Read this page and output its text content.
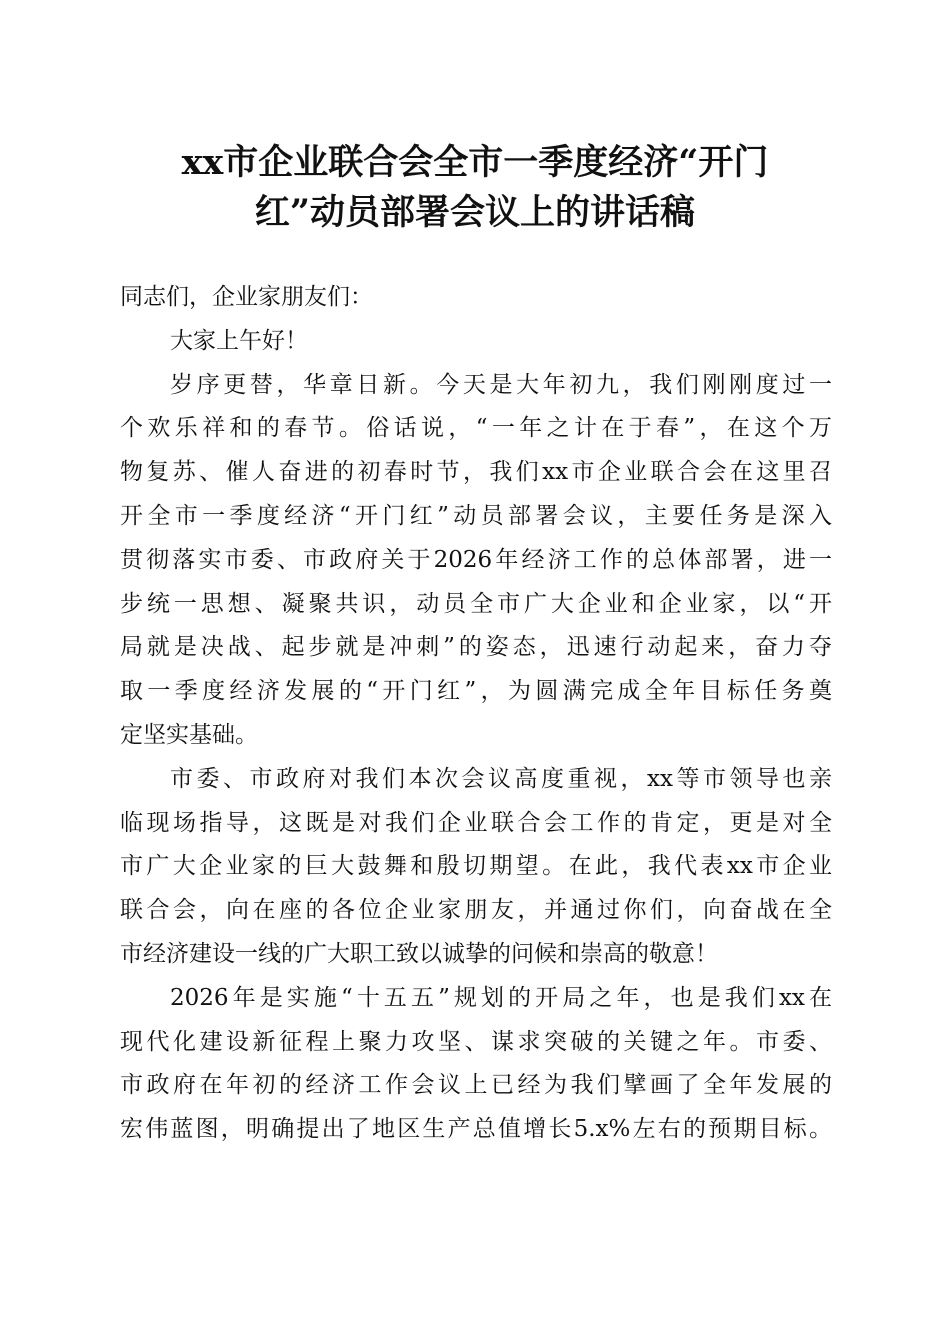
xx市企业联合会全市一季度经济“开门
红”动员部署会议上的讲话稿
同志们，企业家朋友们：
大家上午好！
岁序更替，华章日新。今天是大年初九，我们刚刚度过一
个欢乐祥和的春节。俗话说，“一年之计在于春”，在这个万
物复苏、催人奋进的初春时节，我们xx市企业联合会在这里召
开全市一季度经济“开门红”动员部署会议，主要任务是深入
贯彻落实市委、市政府关于2026年经济工作的总体部署，进一
步统一思想、凝聚共识，动员全市广大企业和企业家，以“开
局就是决战、起步就是冲刺”的姿态，迅速行动起来，奋力夺
取一季度经济发展的“开门红”，为圆满完成全年目标任务奠
定坚实基础。
市委、市政府对我们本次会议高度重视，xx等市领导也亲
临现场指导，这既是对我们企业联合会工作的肯定，更是对全
市广大企业家的巨大鼓舞和殷切期望。在此，我代表xx市企业
联合会，向在座的各位企业家朋友，并通过你们，向奋战在全
市经济建设一线的广大职工致以诚挚的问候和崇高的敬意！
2026年是实施“十五五”规划的开局之年，也是我们xx在
现代化建设新征程上聚力攻坚、谋求突破的关键之年。市委、
市政府在年初的经济工作会议上已经为我们擘画了全年发展的
宏伟蓝图，明确提出了地区生产总值增长5.x%左右的预期目标。
